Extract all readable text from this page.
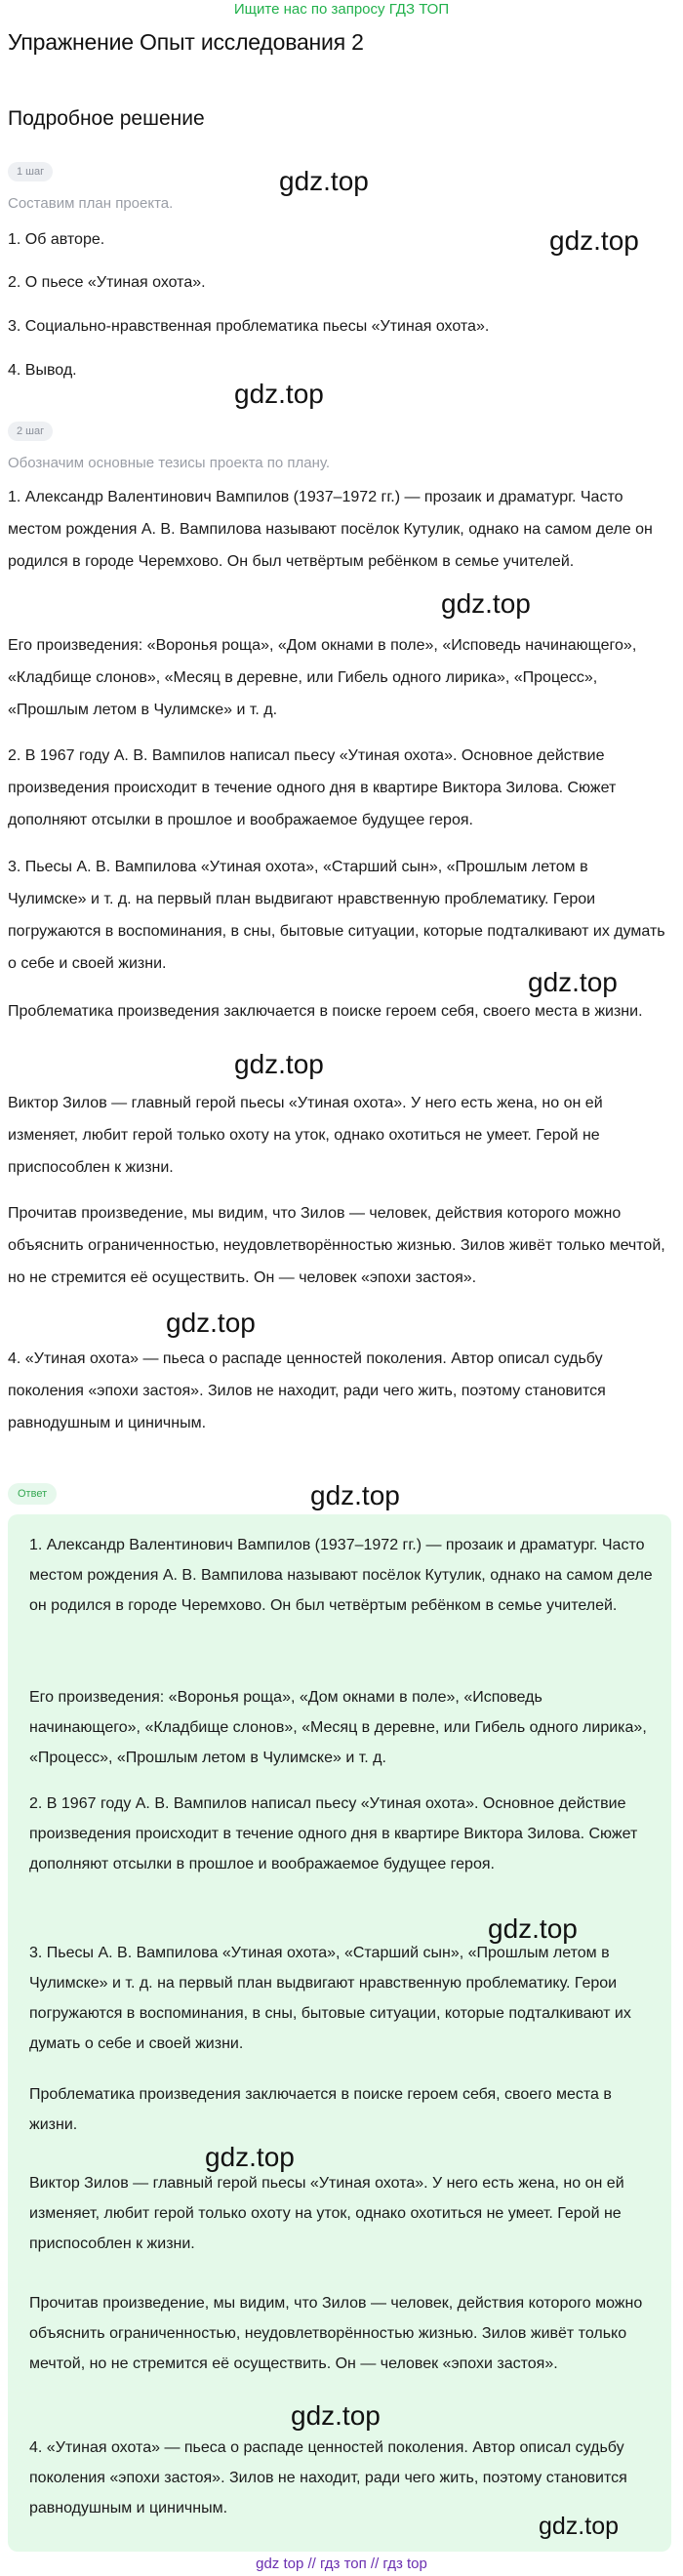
Ищите нас по запросу ГДЗ ТОП
Упражнение Опыт исследования 2
Подробное решение
1 шаг

Составим план проекта.

1. Об авторе.

2. О пьесе «Утиная охота».

3. Социально-нравственная проблематика пьесы «Утиная охота».

4. Вывод.

2 шаг

Обозначим основные тезисы проекта по плану.

1. Александр Валентинович Вампилов (1937–1972 гг.) — прозаик и драматург. Часто местом рождения А. В. Вампилова называют посёлок Кутулик, однако на самом деле он родился в городе Черемхово. Он был четвёртым ребёнком в семье учителей.

Его произведения: «Воронья роща», «Дом окнами в поле», «Исповедь начинающего», «Кладбище слонов», «Месяц в деревне, или Гибель одного лирика», «Процесс», «Прошлым летом в Чулимске» и т. д.

2. В 1967 году А. В. Вампилов написал пьесу «Утиная охота». Основное действие произведения происходит в течение одного дня в квартире Виктора Зилова. Сюжет дополняют отсылки в прошлое и воображаемое будущее героя.

3. Пьесы А. В. Вампилова «Утиная охота», «Старший сын», «Прошлым летом в Чулимске» и т. д. на первый план выдвигают нравственную проблематику. Герои погружаются в воспоминания, в сны, бытовые ситуации, которые подталкивают их думать о себе и своей жизни.

Проблематика произведения заключается в поиске героем себя, своего места в жизни.

Виктор Зилов — главный герой пьесы «Утиная охота». У него есть жена, но он ей изменяет, любит герой только охоту на уток, однако охотиться не умеет. Герой не приспособлен к жизни.

Прочитав произведение, мы видим, что Зилов — человек, действия которого можно объяснить ограниченностью, неудовлетворённостью жизнью. Зилов живёт только мечтой, но не стремится её осуществить. Он — человек «эпохи застоя».

4. «Утиная охота» — пьеса о распаде ценностей поколения. Автор описал судьбу поколения «эпохи застоя». Зилов не находит, ради чего жить, поэтому становится равнодушным и циничным.

Ответ

1. Александр Валентинович Вампилов (1937–1972 гг.) — прозаик и драматург. Часто местом рождения А. В. Вампилова называют посёлок Кутулик, однако на самом деле он родился в городе Черемхово. Он был четвёртым ребёнком в семье учителей.

Его произведения: «Воронья роща», «Дом окнами в поле», «Исповедь начинающего», «Кладбище слонов», «Месяц в деревне, или Гибель одного лирика», «Процесс», «Прошлым летом в Чулимске» и т. д.

2. В 1967 году А. В. Вампилов написал пьесу «Утиная охота». Основное действие произведения происходит в течение одного дня в квартире Виктора Зилова. Сюжет дополняют отсылки в прошлое и воображаемое будущее героя.

3. Пьесы А. В. Вампилова «Утиная охота», «Старший сын», «Прошлым летом в Чулимске» и т. д. на первый план выдвигают нравственную проблематику. Герои погружаются в воспоминания, в сны, бытовые ситуации, которые подталкивают их думать о себе и своей жизни.

Проблематика произведения заключается в поиске героем себя, своего места в жизни.

Виктор Зилов — главный герой пьесы «Утиная охота». У него есть жена, но он ей изменяет, любит герой только охоту на уток, однако охотиться не умеет. Герой не приспособлен к жизни.

Прочитав произведение, мы видим, что Зилов — человек, действия которого можно объяснить ограниченностью, неудовлетворённостью жизнью. Зилов живёт только мечтой, но не стремится её осуществить. Он — человек «эпохи застоя».

4. «Утиная охота» — пьеса о распаде ценностей поколения. Автор описал судьбу поколения «эпохи застоя». Зилов не находит, ради чего жить, поэтому становится равнодушным и циничным.

gdz.top
gdz.top
gdz.top
gdz.top
gdz.top
gdz.top
gdz.top
gdz.top
gdz.top
gdz.top
gdz.top
gdz.top
gdz top // гдз топ // гдз top
